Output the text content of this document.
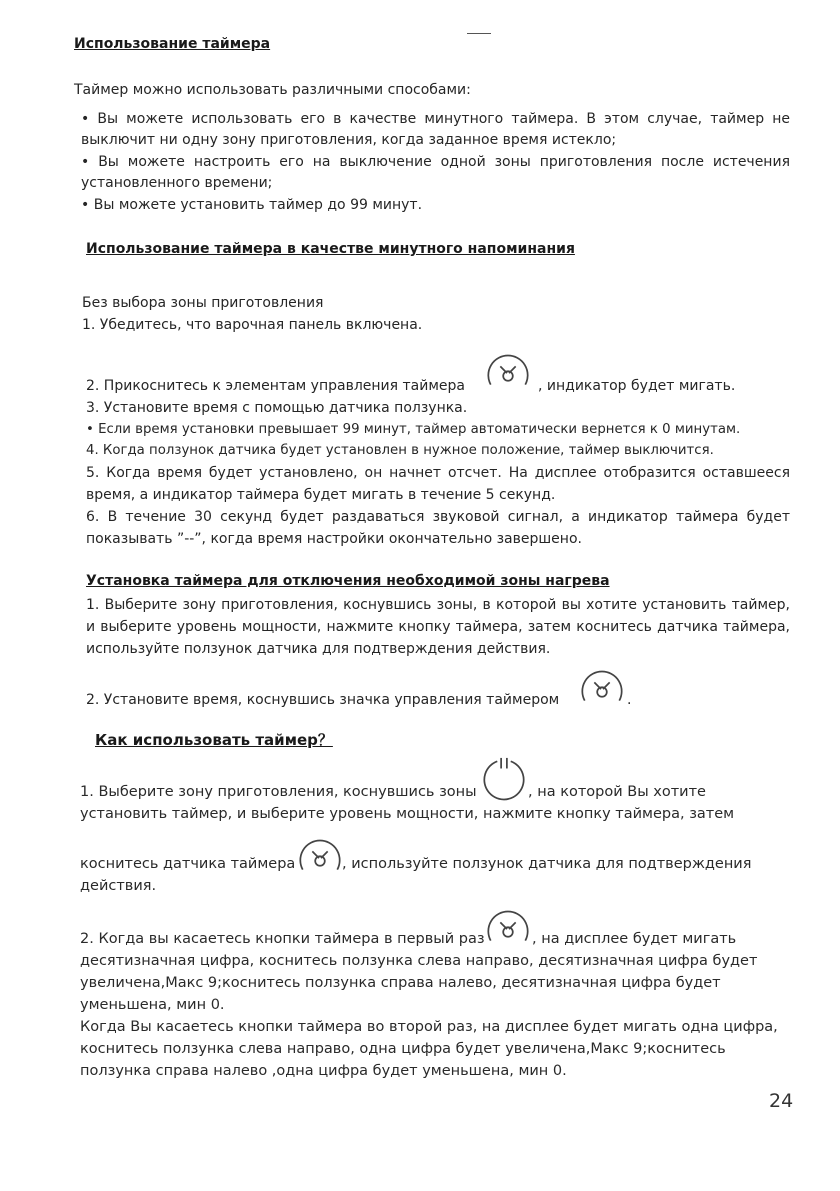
Использование таймера
Таймер можно использовать различными способами:
• Вы можете использовать его в качестве минутного таймера. В этом случае, таймер не
выключит ни одну зону приготовления, когда заданное время истекло;
• Вы можете настроить его на выключение одной зоны приготовления после истечения
установленного времени;
• Вы можете установить таймер до 99 минут.
Использование таймера в качестве минутного напоминания
Без выбора зоны приготовления
1. Убедитесь, что варочная панель включена.
2. Прикоснитесь к элементам управления таймера	, индикатор будет мигать.
3. Установите время с помощью датчика ползунка.
• Если время установки превышает 99 минут, таймер автоматически вернется к 0 минутам.
4. Когда ползунок датчика будет установлен в нужное положение, таймер выключится.
5. Когда время будет установлено, он начнет отсчет. На дисплее отобразится оставшееся
время, а индикатор таймера будет мигать в течение 5 секунд.
6. В течение 30 секунд будет раздаваться звуковой сигнал, а индикатор таймера будет
показывать ”--”, когда время настройки окончательно завершено.
Установка таймера для отключения необходимой зоны нагрева
1. Выберите зону приготовления, коснувшись зоны, в которой вы хотите установить таймер,
и выберите уровень мощности, нажмите кнопку таймера, затем коснитесь датчика таймера,
используйте ползунок датчика для подтверждения действия.
2. Установите время, коснувшись значка управления таймером	.
Как использовать таймер？
1. Выберите зону приготовления, коснувшись зоны	, на которой Вы хотите
установить таймер, и выберите уровень мощности, нажмите кнопку таймера, затем
коснитесь датчика таймера	, используйте ползунок датчика для подтверждения
действия.
2. Когда вы касаетесь кнопки таймера в первый раз	, на дисплее будет мигать
десятизначная цифра, коснитесь ползунка слева направо, десятизначная цифра будет
увеличена,Макс 9;коснитесь ползунка справа налево, десятизначная цифра будет
уменьшена, мин 0.
Когда Вы касаетесь кнопки таймера во второй раз, на дисплее будет мигать одна цифра,
коснитесь ползунка слева направо, одна цифра будет увеличена,Макс 9;коснитесь
ползунка справа налево ,одна цифра будет уменьшена, мин 0.
24
